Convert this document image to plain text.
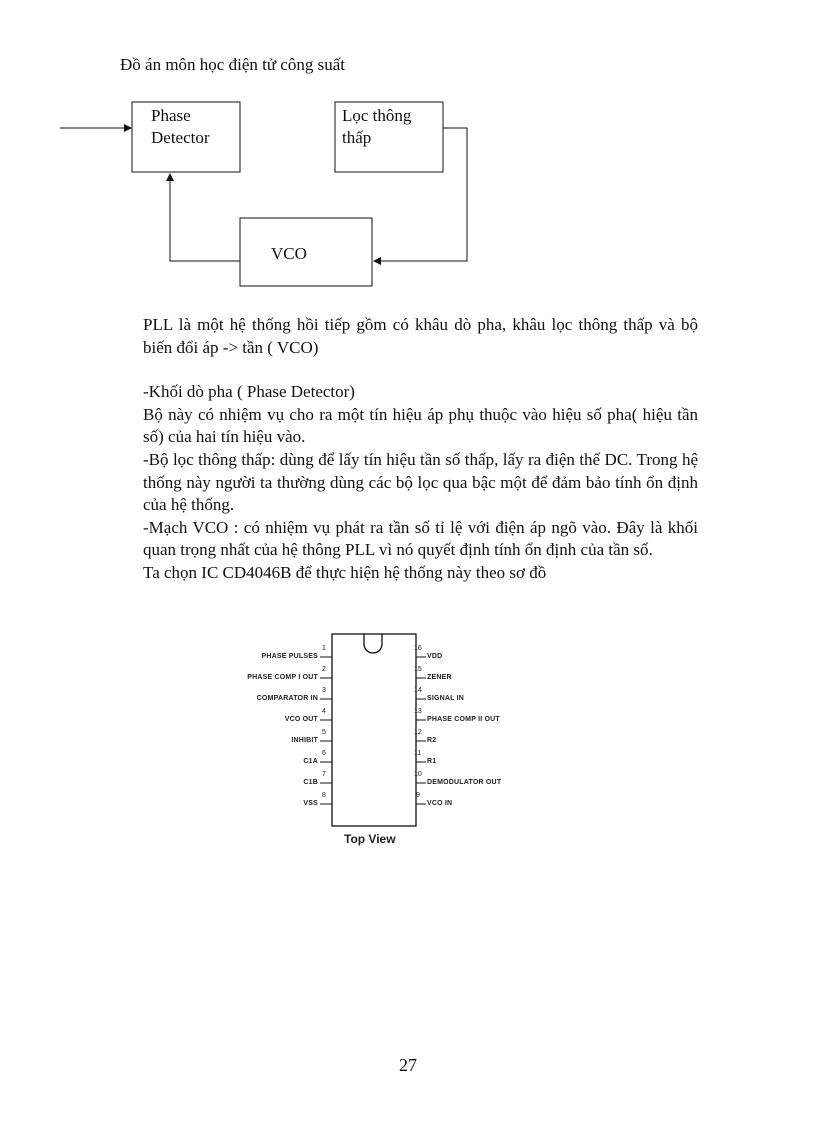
Đồ án môn học điện tử công suất
Phase
Detector
Lọc thông
thấp
VCO

PLL là một hệ thống hồi tiếp gồm có khâu dò pha, khâu lọc thông thấp và bộ biến đổi áp -> tần ( VCO)

-Khối dò pha ( Phase Detector)

Bộ này có nhiệm vụ cho ra một tín hiệu áp phụ thuộc vào hiệu số pha( hiệu tần số) của hai tín hiệu vào.

-Bộ lọc thông thấp: dùng để lấy tín hiệu tần số thấp, lấy ra điện thế DC. Trong hệ thống này người ta thường dùng các bộ lọc qua bậc một để đảm bảo tính ổn định của hệ thống.

-Mạch VCO : có nhiệm vụ phát ra tần số tỉ lệ với điện áp ngõ vào. Đây là khối quan trọng nhất của hệ thông PLL vì nó quyết định tính ổn định của tần số.

Ta chọn IC CD4046B để thực hiện hệ thống này theo sơ đồ

PHASE PULSES
PHASE COMP I OUT
COMPARATOR IN
VCO OUT
INHIBIT
C1A
C1B
VSS
1
2
3
4
5
6
7
8
VDD
ZENER
SIGNAL IN
PHASE COMP II OUT
R2
R1
DEMODULATOR OUT
VCO IN
16
15
14
13
12
11
10
9
Top View
27
